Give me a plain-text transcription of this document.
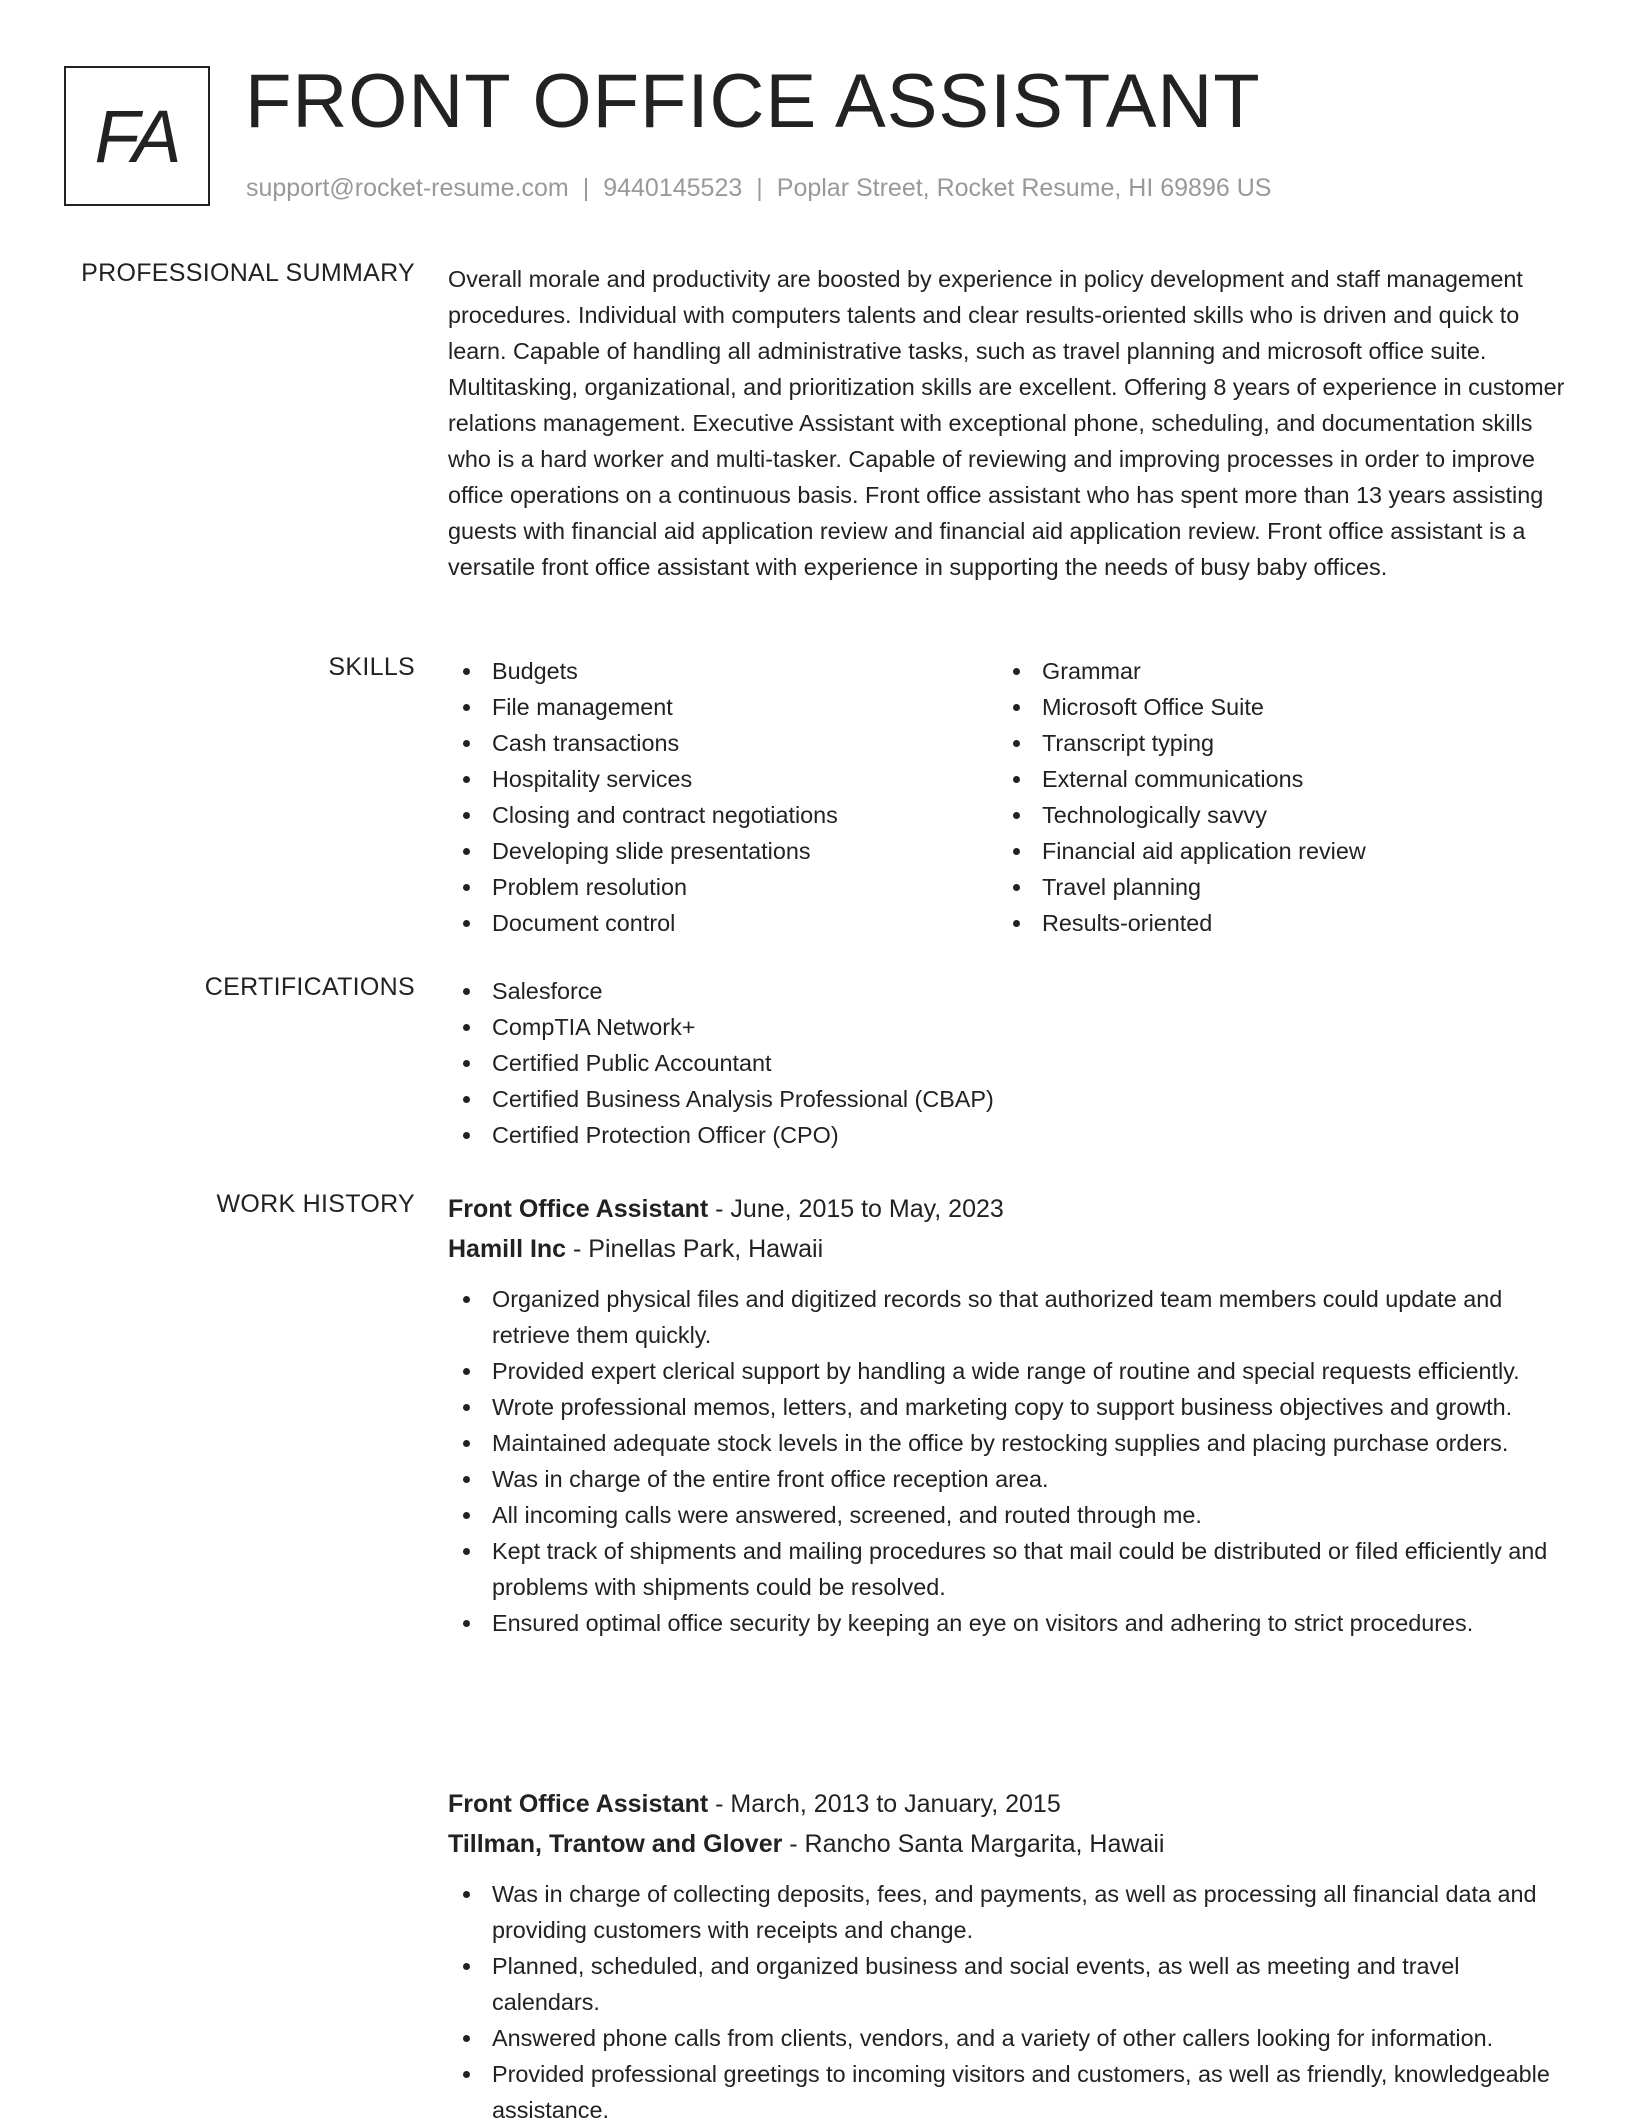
FA FRONT OFFICE ASSISTANT
support@rocket-resume.com | 9440145523 | Poplar Street, Rocket Resume, HI 69896 US
PROFESSIONAL SUMMARY Overall morale and productivity are boosted by experience in policy development and staff management procedures. Individual with computers talents and clear results-oriented skills who is driven and quick to learn. Capable of handling all administrative tasks, such as travel planning and microsoft office suite. Multitasking, organizational, and prioritization skills are excellent. Offering 8 years of experience in customer relations management. Executive Assistant with exceptional phone, scheduling, and documentation skills who is a hard worker and multi-tasker. Capable of reviewing and improving processes in order to improve office operations on a continuous basis. Front office assistant who has spent more than 13 years assisting guests with financial aid application review and financial aid application review. Front office assistant is a versatile front office assistant with experience in supporting the needs of busy baby offices.
SKILLS	Budgets
File management
Cash transactions
Hospitality services
Closing and contract negotiations
Developing slide presentations
Problem resolution
Document control
Grammar
Microsoft Office Suite
Transcript typing
External communications
Technologically savvy
Financial aid application review
Travel planning
Results-oriented
CERTIFICATIONS	Salesforce
CompTIA Network+
Certified Public Accountant
Certified Business Analysis Professional (CBAP)
Certified Protection Officer (CPO)
WORK HISTORY Front Office Assistant - June, 2015 to May, 2023
Hamill Inc - Pinellas Park, Hawaii
Organized physical files and digitized records so that authorized team members could update and retrieve them quickly.
Provided expert clerical support by handling a wide range of routine and special requests efficiently.
Wrote professional memos, letters, and marketing copy to support business objectives and growth.
Maintained adequate stock levels in the office by restocking supplies and placing purchase orders.
Was in charge of the entire front office reception area.
All incoming calls were answered, screened, and routed through me.
Kept track of shipments and mailing procedures so that mail could be distributed or filed efficiently and problems with shipments could be resolved.
Ensured optimal office security by keeping an eye on visitors and adhering to strict procedures.
Front Office Assistant - March, 2013 to January, 2015
Tillman, Trantow and Glover - Rancho Santa Margarita, Hawaii
Was in charge of collecting deposits, fees, and payments, as well as processing all financial data and providing customers with receipts and change.
Planned, scheduled, and organized business and social events, as well as meeting and travel calendars.
Answered phone calls from clients, vendors, and a variety of other callers looking for information.
Provided professional greetings to incoming visitors and customers, as well as friendly, knowledgeable assistance.
